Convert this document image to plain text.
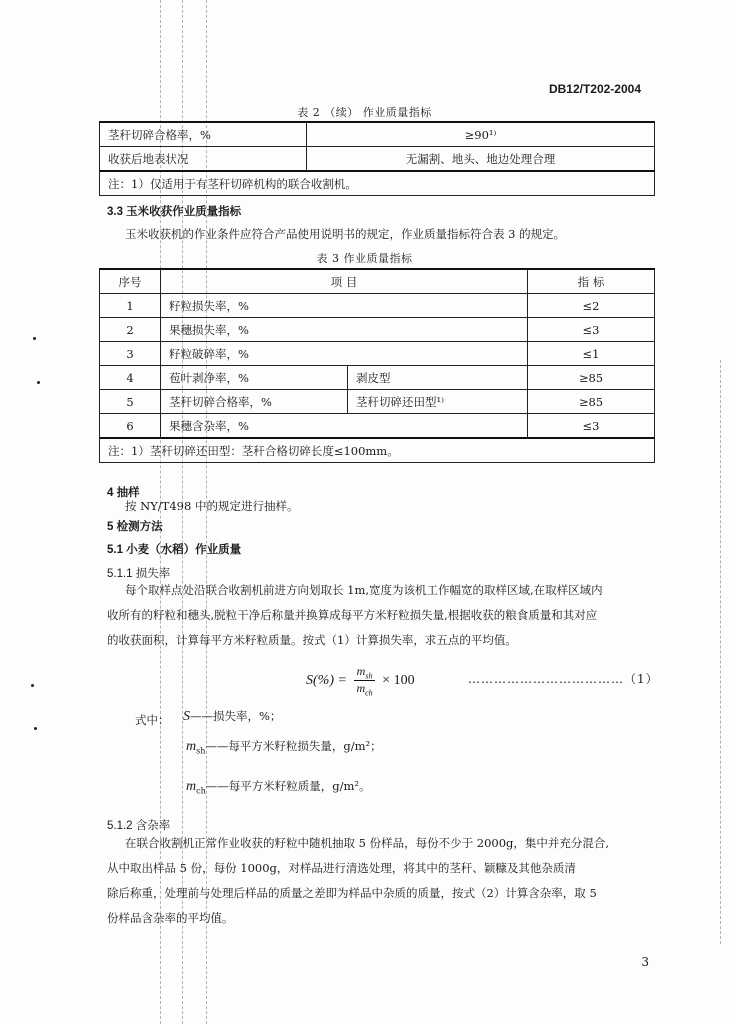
DB12/T202-2004
表 2 （续） 作业质量指标
茎秆切碎合格率，%	≥90¹⁾
收获后地表状况	无漏割、地头、地边处理合理
注：1）仅适用于有茎秆切碎机构的联合收割机。	
3.3 玉米收获作业质量指标
玉米收获机的作业条件应符合产品使用说明书的规定，作业质量指标符合表 3 的规定。
表 3 作业质量指标
序号	项 目		指 标
1	籽粒损失率，%		≤2
2	果穗损失率，%		≤3
3	籽粒破碎率，%		≤1
4	苞叶剥净率，%	剥皮型	≥85
5	茎秆切碎合格率，%	茎秆切碎还田型¹⁾	≥85
6	果穗含杂率，%		≤3
注：1）茎秆切碎还田型：茎秆合格切碎长度≤100mm。			
4 抽样
按 NY/T498 中的规定进行抽样。
5 检测方法
5.1 小麦（水稻）作业质量
5.1.1 损失率
每个取样点处沿联合收割机前进方向划取长 1m,宽度为该机工作幅宽的取样区域,在取样区域内
收所有的籽粒和穗头,脱粒干净后称量并换算成每平方米籽粒损失量,根据收获的粮食质量和其对应
的收获面积，计算每平方米籽粒质量。按式（1）计算损失率，求五点的平均值。
$S(\%) = \frac{m_{sh}}{m_{ch}} \times 100$	………………………………（1）
式中： S——损失率，%；
$m_{sh}——$每平方米籽粒损失量，g/m²；
$m_{ch}——$每平方米籽粒质量，g/m²。
5.1.2 含杂率
在联合收割机正常作业收获的籽粒中随机抽取 5 份样品，每份不少于 2000g，集中并充分混合,
从中取出样品 5 份，每份 1000g，对样品进行清选处理，将其中的茎秆、颖糠及其他杂质清
除后称重，处理前与处理后样品的质量之差即为样品中杂质的质量，按式（2）计算含杂率，取 5
份样品含杂率的平均值。
3
